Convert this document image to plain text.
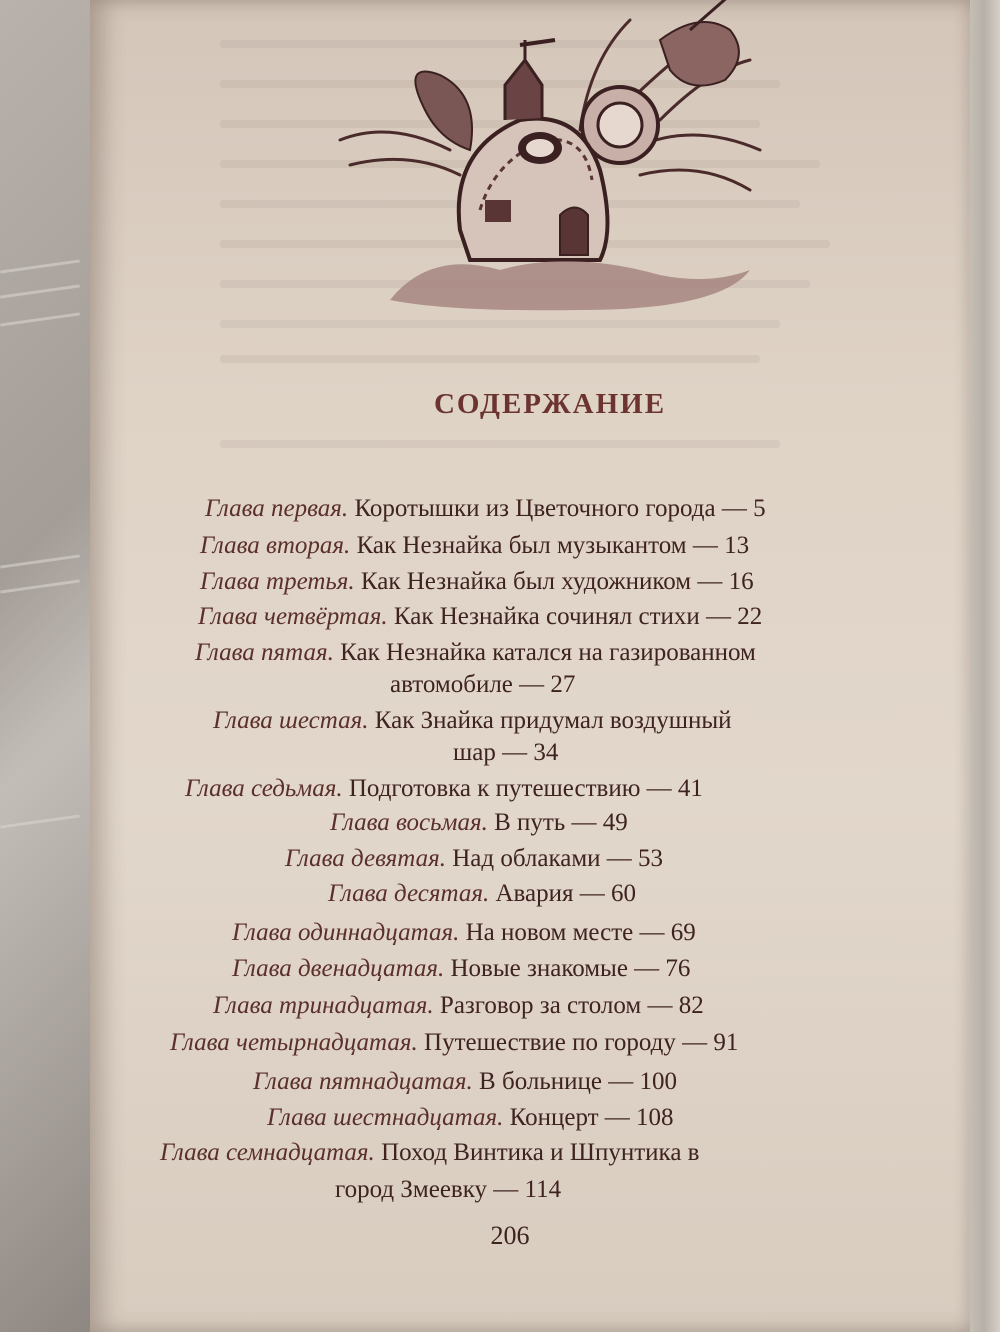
СОДЕРЖАНИЕ
Глава первая. Коротышки из Цветочного города — 5
Глава вторая. Как Незнайка был музыкантом — 13
Глава третья. Как Незнайка был художником — 16
Глава четвёртая. Как Незнайка сочинял стихи — 22
Глава пятая. Как Незнайка катался на газированном
автомобиле — 27
Глава шестая. Как Знайка придумал воздушный
шар — 34
Глава седьмая. Подготовка к путешествию — 41
Глава восьмая. В путь — 49
Глава девятая. Над облаками — 53
Глава десятая. Авария — 60
Глава одиннадцатая. На новом месте — 69
Глава двенадцатая. Новые знакомые — 76
Глава тринадцатая. Разговор за столом — 82
Глава четырнадцатая. Путешествие по городу — 91
Глава пятнадцатая. В больнице — 100
Глава шестнадцатая. Концерт — 108
Глава семнадцатая. Поход Винтика и Шпунтика в
город Змеевку — 114
206
